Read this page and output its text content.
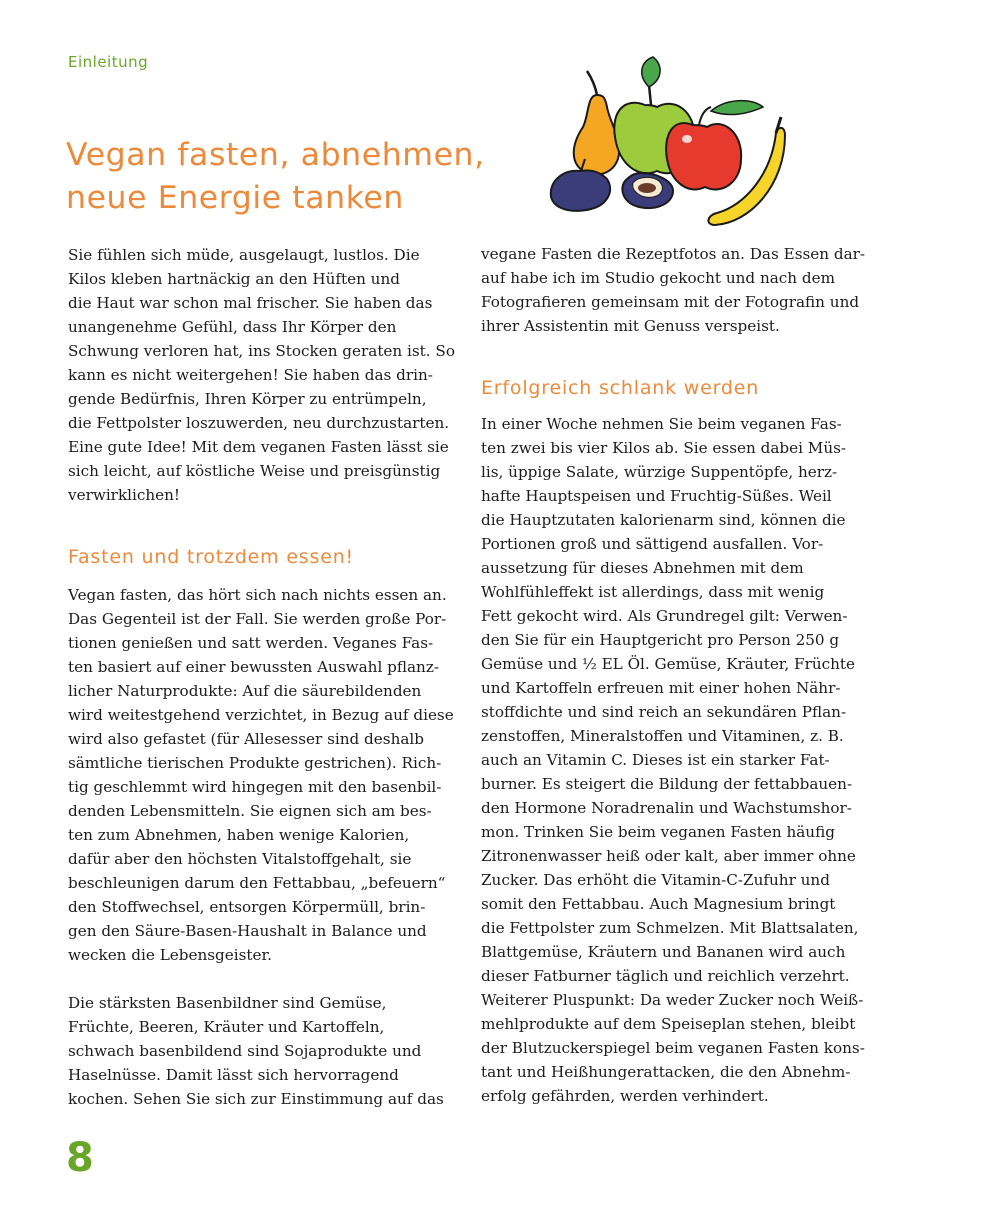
Einleitung
Vegan fasten, abnehmen,
neue Energie tanken

Sie fühlen sich müde, ausgelaugt, lustlos. Die
Kilos kleben hartnäckig an den Hüften und
die Haut war schon mal frischer. Sie haben das
unangenehme Gefühl, dass Ihr Körper den
Schwung verloren hat, ins Stocken geraten ist. So
kann es nicht weitergehen! Sie haben das drin-
gende Bedürfnis, Ihren Körper zu entrümpeln,
die Fettpolster loszuwerden, neu durchzustarten.
Eine gute Idee! Mit dem veganen Fasten lässt sie
sich leicht, auf köstliche Weise und preisgünstig
verwirklichen!

Fasten und trotzdem essen!

Vegan fasten, das hört sich nach nichts essen an.
Das Gegenteil ist der Fall. Sie werden große Por-
tionen genießen und satt werden. Veganes Fas-
ten basiert auf einer bewussten Auswahl pflanz-
licher Naturprodukte: Auf die säurebildenden
wird weitestgehend verzichtet, in Bezug auf diese
wird also gefastet (für Allesesser sind deshalb
sämtliche tierischen Produkte gestrichen). Rich-
tig geschlemmt wird hingegen mit den basenbil-
denden Lebensmitteln. Sie eignen sich am bes-
ten zum Abnehmen, haben wenige Kalorien,
dafür aber den höchsten Vitalstoffgehalt, sie
beschleunigen darum den Fettabbau, „befeuern“
den Stoffwechsel, entsorgen Körpermüll, brin-
gen den Säure-Basen-Haushalt in Balance und
wecken die Lebensgeister.

Die stärksten Basenbildner sind Gemüse,
Früchte, Beeren, Kräuter und Kartoffeln,
schwach basenbildend sind Sojaprodukte und
Haselnüsse. Damit lässt sich hervorragend
kochen. Sehen Sie sich zur Einstimmung auf das

vegane Fasten die Rezeptfotos an. Das Essen dar-
auf habe ich im Studio gekocht und nach dem
Fotografieren gemeinsam mit der Fotografin und
ihrer Assistentin mit Genuss verspeist.

Erfolgreich schlank werden

In einer Woche nehmen Sie beim veganen Fas-
ten zwei bis vier Kilos ab. Sie essen dabei Müs-
lis, üppige Salate, würzige Suppentöpfe, herz-
hafte Hauptspeisen und Fruchtig-Süßes. Weil
die Hauptzutaten kalorienarm sind, können die
Portionen groß und sättigend ausfallen. Vor-
aussetzung für dieses Abnehmen mit dem
Wohlfühleffekt ist allerdings, dass mit wenig
Fett gekocht wird. Als Grundregel gilt: Verwen-
den Sie für ein Hauptgericht pro Person 250 g
Gemüse und ½ EL Öl. Gemüse, Kräuter, Früchte
und Kartoffeln erfreuen mit einer hohen Nähr-
stoffdichte und sind reich an sekundären Pflan-
zenstoffen, Mineralstoffen und Vitaminen, z. B.
auch an Vitamin C. Dieses ist ein starker Fat-
burner. Es steigert die Bildung der fettabbauen-
den Hormone Noradrenalin und Wachstumshor-
mon. Trinken Sie beim veganen Fasten häufig
Zitronenwasser heiß oder kalt, aber immer ohne
Zucker. Das erhöht die Vitamin-C-Zufuhr und
somit den Fettabbau. Auch Magnesium bringt
die Fettpolster zum Schmelzen. Mit Blattsalaten,
Blattgemüse, Kräutern und Bananen wird auch
dieser Fatburner täglich und reichlich verzehrt.
Weiterer Pluspunkt: Da weder Zucker noch Weiß-
mehlprodukte auf dem Speiseplan stehen, bleibt
der Blutzuckerspiegel beim veganen Fasten kons-
tant und Heißhungerattacken, die den Abnehm-
erfolg gefährden, werden verhindert.

8
